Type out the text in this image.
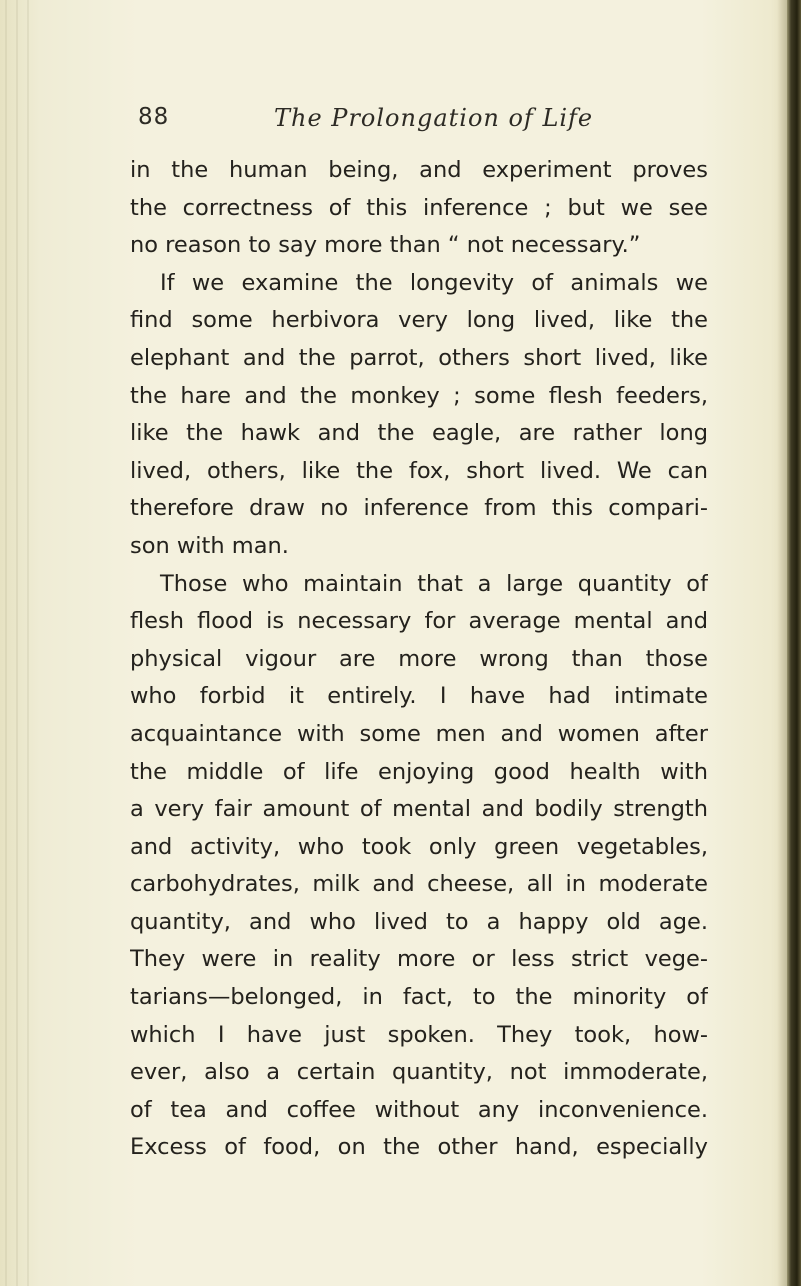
88	The Prolongation of Life
in the human being, and experiment proves
the correctness of this inference ; but we see
no reason to say more than “ not necessary.”
If we examine the longevity of animals we
find some herbivora very long lived, like the
elephant and the parrot, others short lived, like
the hare and the monkey ; some flesh feeders,
like the hawk and the eagle, are rather long
lived, others, like the fox, short lived. We can
therefore draw no inference from this compari-
son with man.
Those who maintain that a large quantity of
flesh flood is necessary for average mental and
physical vigour are more wrong than those
who forbid it entirely. I have had intimate
acquaintance with some men and women after
the middle of life enjoying good health with
a very fair amount of mental and bodily strength
and activity, who took only green vegetables,
carbohydrates, milk and cheese, all in moderate
quantity, and who lived to a happy old age.
They were in reality more or less strict vege-
tarians—belonged, in fact, to the minority of
which I have just spoken. They took, how-
ever, also a certain quantity, not immoderate,
of tea and coffee without any inconvenience.
Excess of food, on the other hand, especially
